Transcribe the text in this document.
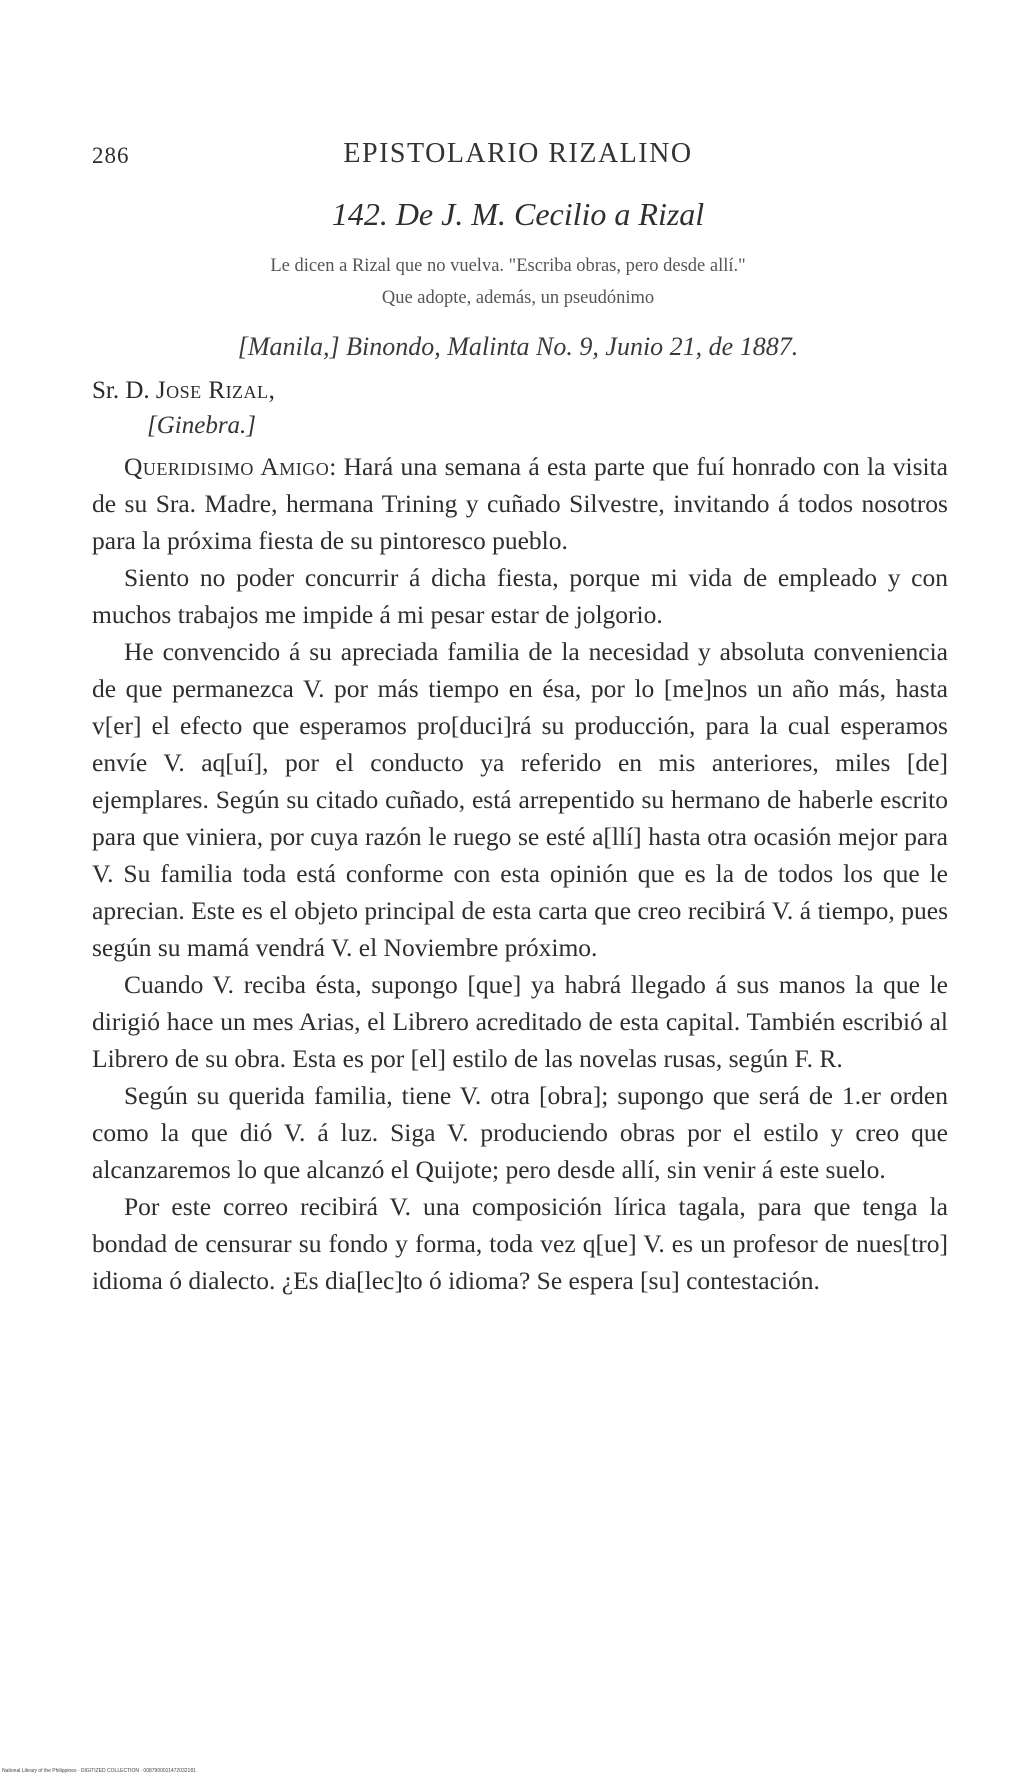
286	EPISTOLARIO RIZALINO
142. De J. M. Cecilio a Rizal
Le dicen a Rizal que no vuelva. "Escriba obras, pero desde allí."
Que adopte, además, un pseudónimo
[Manila,] Binondo, Malinta No. 9, Junio 21, de 1887.
Sr. D. Jose Rizal,
[Ginebra.]

Queridisimo Amigo: Hará una semana á esta parte que fuí honrado con la visita de su Sra. Madre, hermana Trining y cuñado Silvestre, invitando á todos nosotros para la próxima fiesta de su pintoresco pueblo.

Siento no poder concurrir á dicha fiesta, porque mi vida de empleado y con muchos trabajos me impide á mi pesar estar de jolgorio.

He convencido á su apreciada familia de la necesidad y absoluta conveniencia de que permanezca V. por más tiempo en ésa, por lo [me]nos un año más, hasta v[er] el efecto que esperamos pro[duci]rá su producción, para la cual esperamos envíe V. aq[uí], por el conducto ya referido en mis anteriores, miles [de] ejemplares. Según su citado cuñado, está arrepentido su hermano de haberle escrito para que viniera, por cuya razón le ruego se esté a[llí] hasta otra ocasión mejor para V. Su familia toda está conforme con esta opinión que es la de todos los que le aprecian. Este es el objeto principal de esta carta que creo recibirá V. á tiempo, pues según su mamá vendrá V. el Noviembre próximo.

Cuando V. reciba ésta, supongo [que] ya habrá llegado á sus manos la que le dirigió hace un mes Arias, el Librero acreditado de esta capital. También escribió al Librero de su obra. Esta es por [el] estilo de las novelas rusas, según F. R.

Según su querida familia, tiene V. otra [obra]; supongo que será de 1.er orden como la que dió V. á luz. Siga V. produciendo obras por el estilo y creo que alcanzaremos lo que alcanzó el Quijote; pero desde allí, sin venir á este suelo.

Por este correo recibirá V. una composición lírica tagala, para que tenga la bondad de censurar su fondo y forma, toda vez q[ue] V. es un profesor de nues[tro] idioma ó dialecto. ¿Es dia[lec]to ó idioma? Se espera [su] contestación.

National Library of the Philippines · DIGITIZED COLLECTION · 0087900011472032181
